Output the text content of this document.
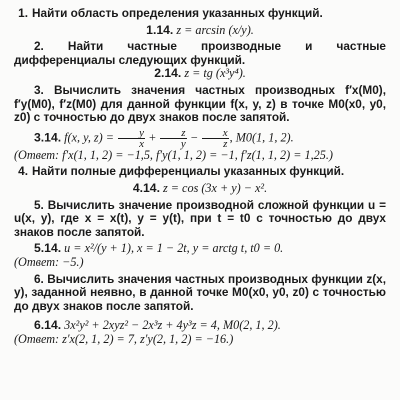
1. Найти область определения указанных функций.
1.14. z = arcsin (x/y).
2. Найти частные производные и частные дифференциалы следующих функций.
2.14. z = tg (x³y⁴).
3. Вычислить значения частных производных f′x(M0), f′y(M0), f′z(M0) для данной функции f(x, y, z) в точке M0(x0, y0, z0) с точностью до двух знаков после запятой.
3.14. f(x, y, $z) = \frac{y}{x} + \frac{z}{y} - \frac{x}{z}$ , M0(1, 1, 2).
(Ответ: f′x(1, 1, 2) = −1,5, f′y(1, 1, 2) = −1, f′z(1, 1, 2) = 1,25.)
4. Найти полные дифференциалы указанных функций.
4.14. z = cos (3x + y) − x².
5. Вычислить значение производной сложной функции u = u(x, y), где x = x(t), y = y(t), при t = t0 с точностью до двух знаков после запятой.
5.14. u = x²/(y + 1), x = 1 − 2t, y = arctg t, t0 = 0.
(Ответ: −5.)
6. Вычислить значения частных производных функции z(x, y), заданной неявно, в данной точке M0(x0, y0, z0) с точностью до двух знаков после запятой.
6.14. 3x²y² + 2xyz² − 2x³z + 4y³z = 4, M0(2, 1, 2).
(Ответ: z′x(2, 1, 2) = 7, z′y(2, 1, 2) = −16.)
